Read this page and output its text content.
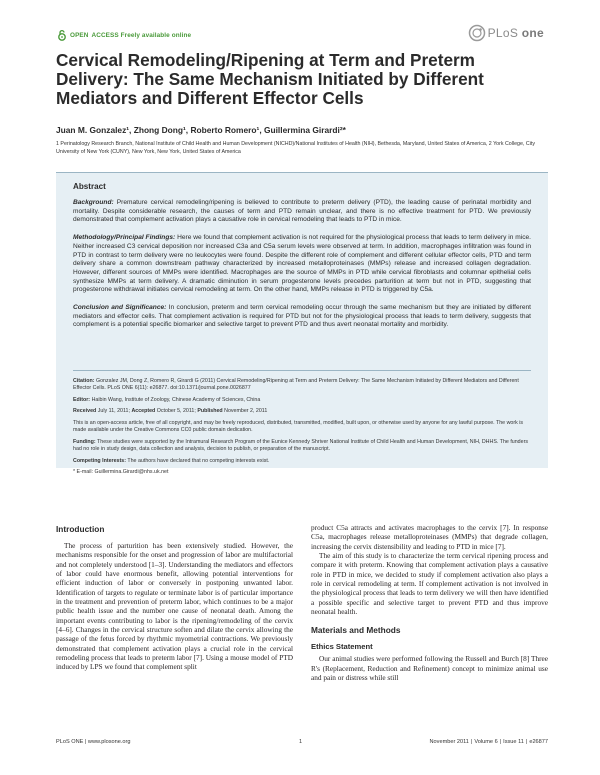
OPEN ACCESS Freely available online	PLoS one
Cervical Remodeling/Ripening at Term and Preterm Delivery: The Same Mechanism Initiated by Different Mediators and Different Effector Cells
Juan M. Gonzalez¹, Zhong Dong¹, Roberto Romero¹, Guillermina Girardi²*
1 Perinatology Research Branch, National Institute of Child Health and Human Development (NICHD)/National Institutes of Health (NIH), Bethesda, Maryland, United States of America, 2 York College, City University of New York (CUNY), New York, New York, United States of America
Abstract

Background: Premature cervical remodeling/ripening is believed to contribute to preterm delivery (PTD), the leading cause of perinatal morbidity and mortality. Despite considerable research, the causes of term and PTD remain unclear, and there is no effective treatment for PTD. We previously demonstrated that complement activation plays a causative role in cervical remodeling that leads to PTD in mice.

Methodology/Principal Findings: Here we found that complement activation is not required for the physiological process that leads to term delivery in mice. Neither increased C3 cervical deposition nor increased C3a and C5a serum levels were observed at term. In addition, macrophages infiltration was found in PTD in contrast to term delivery were no leukocytes were found. Despite the different role of complement and different cellular effector cells, PTD and term delivery share a common downstream pathway characterized by increased metalloproteinases (MMPs) release and increased collagen degradation. However, different sources of MMPs were identified. Macrophages are the source of MMPs in PTD while cervical fibroblasts and columnar epithelial cells synthesize MMPs at term delivery. A dramatic diminution in serum progesterone levels precedes parturition at term but not in PTD, suggesting that progesterone withdrawal initiates cervical remodeling at term. On the other hand, MMPs release in PTD is triggered by C5a.

Conclusion and Significance: In conclusion, preterm and term cervical remodeling occur through the same mechanism but they are initiated by different mediators and effector cells. That complement activation is required for PTD but not for the physiological process that leads to term delivery, suggests that complement is a potential specific biomarker and selective target to prevent PTD and thus avert neonatal mortality and morbidity.

Citation: Gonzalez JM, Dong Z, Romero R, Girardi G (2011) Cervical Remodeling/Ripening at Term and Preterm Delivery: The Same Mechanism Initiated by Different Mediators and Different Effector Cells. PLoS ONE 6(11): e26877. doi:10.1371/journal.pone.0026877

Editor: Haibin Wang, Institute of Zoology, Chinese Academy of Sciences, China

Received July 11, 2011; Accepted October 5, 2011; Published November 2, 2011

This is an open-access article, free of all copyright, and may be freely reproduced, distributed, transmitted, modified, built upon, or otherwise used by anyone for any lawful purpose. The work is made available under the Creative Commons CC0 public domain dedication.

Funding: These studies were supported by the Intramural Research Program of the Eunice Kennedy Shriver National Institute of Child Health and Human Development, NIH, DHHS. The funders had no role in study design, data collection and analysis, decision to publish, or preparation of the manuscript.

Competing Interests: The authors have declared that no competing interests exist.

* E-mail: Guillermina.Girardi@nhs.uk.net

Introduction

The process of parturition has been extensively studied. However, the mechanisms responsible for the onset and progression of labor are multifactorial and not completely understood [1–3]. Understanding the mediators and effectors of labor could have enormous benefit, allowing potential interventions for efficient induction of labor or conversely in postponing unwanted labor. Identification of targets to regulate or terminate labor is of particular importance in the treatment and prevention of preterm labor, which continues to be a major public health issue and the number one cause of neonatal death. Among the important events contributing to labor is the ripening/remodeling of the cervix [4–6]. Changes in the cervical structure soften and dilate the cervix allowing the passage of the fetus forced by rhythmic myometrial contractions. We previously demonstrated that complement activation plays a crucial role in the cervical remodeling process that leads to preterm labor [7]. Using a mouse model of PTD induced by LPS we found that complement split

product C5a attracts and activates macrophages to the cervix [7]. In response C5a, macrophages release metalloproteinases (MMPs) that degrade collagen, increasing the cervix distensibility and leading to PTD in mice [7].

The aim of this study is to characterize the term cervical ripening process and compare it with preterm. Knowing that complement activation plays a causative role in PTD in mice, we decided to study if complement activation also plays a role in cervical remodeling at term. If complement activation is not involved in the physiological process that leads to term delivery we will then have identified a possible specific and selective target to prevent PTD and thus improve neonatal health.

Materials and Methods
Ethics Statement

Our animal studies were performed following the Russell and Burch [8] Three R's (Replacement, Reduction and Refinement) concept to minimize animal use and pain or distress while still

PLoS ONE | www.plosone.org	1	November 2011 | Volume 6 | Issue 11 | e26877
